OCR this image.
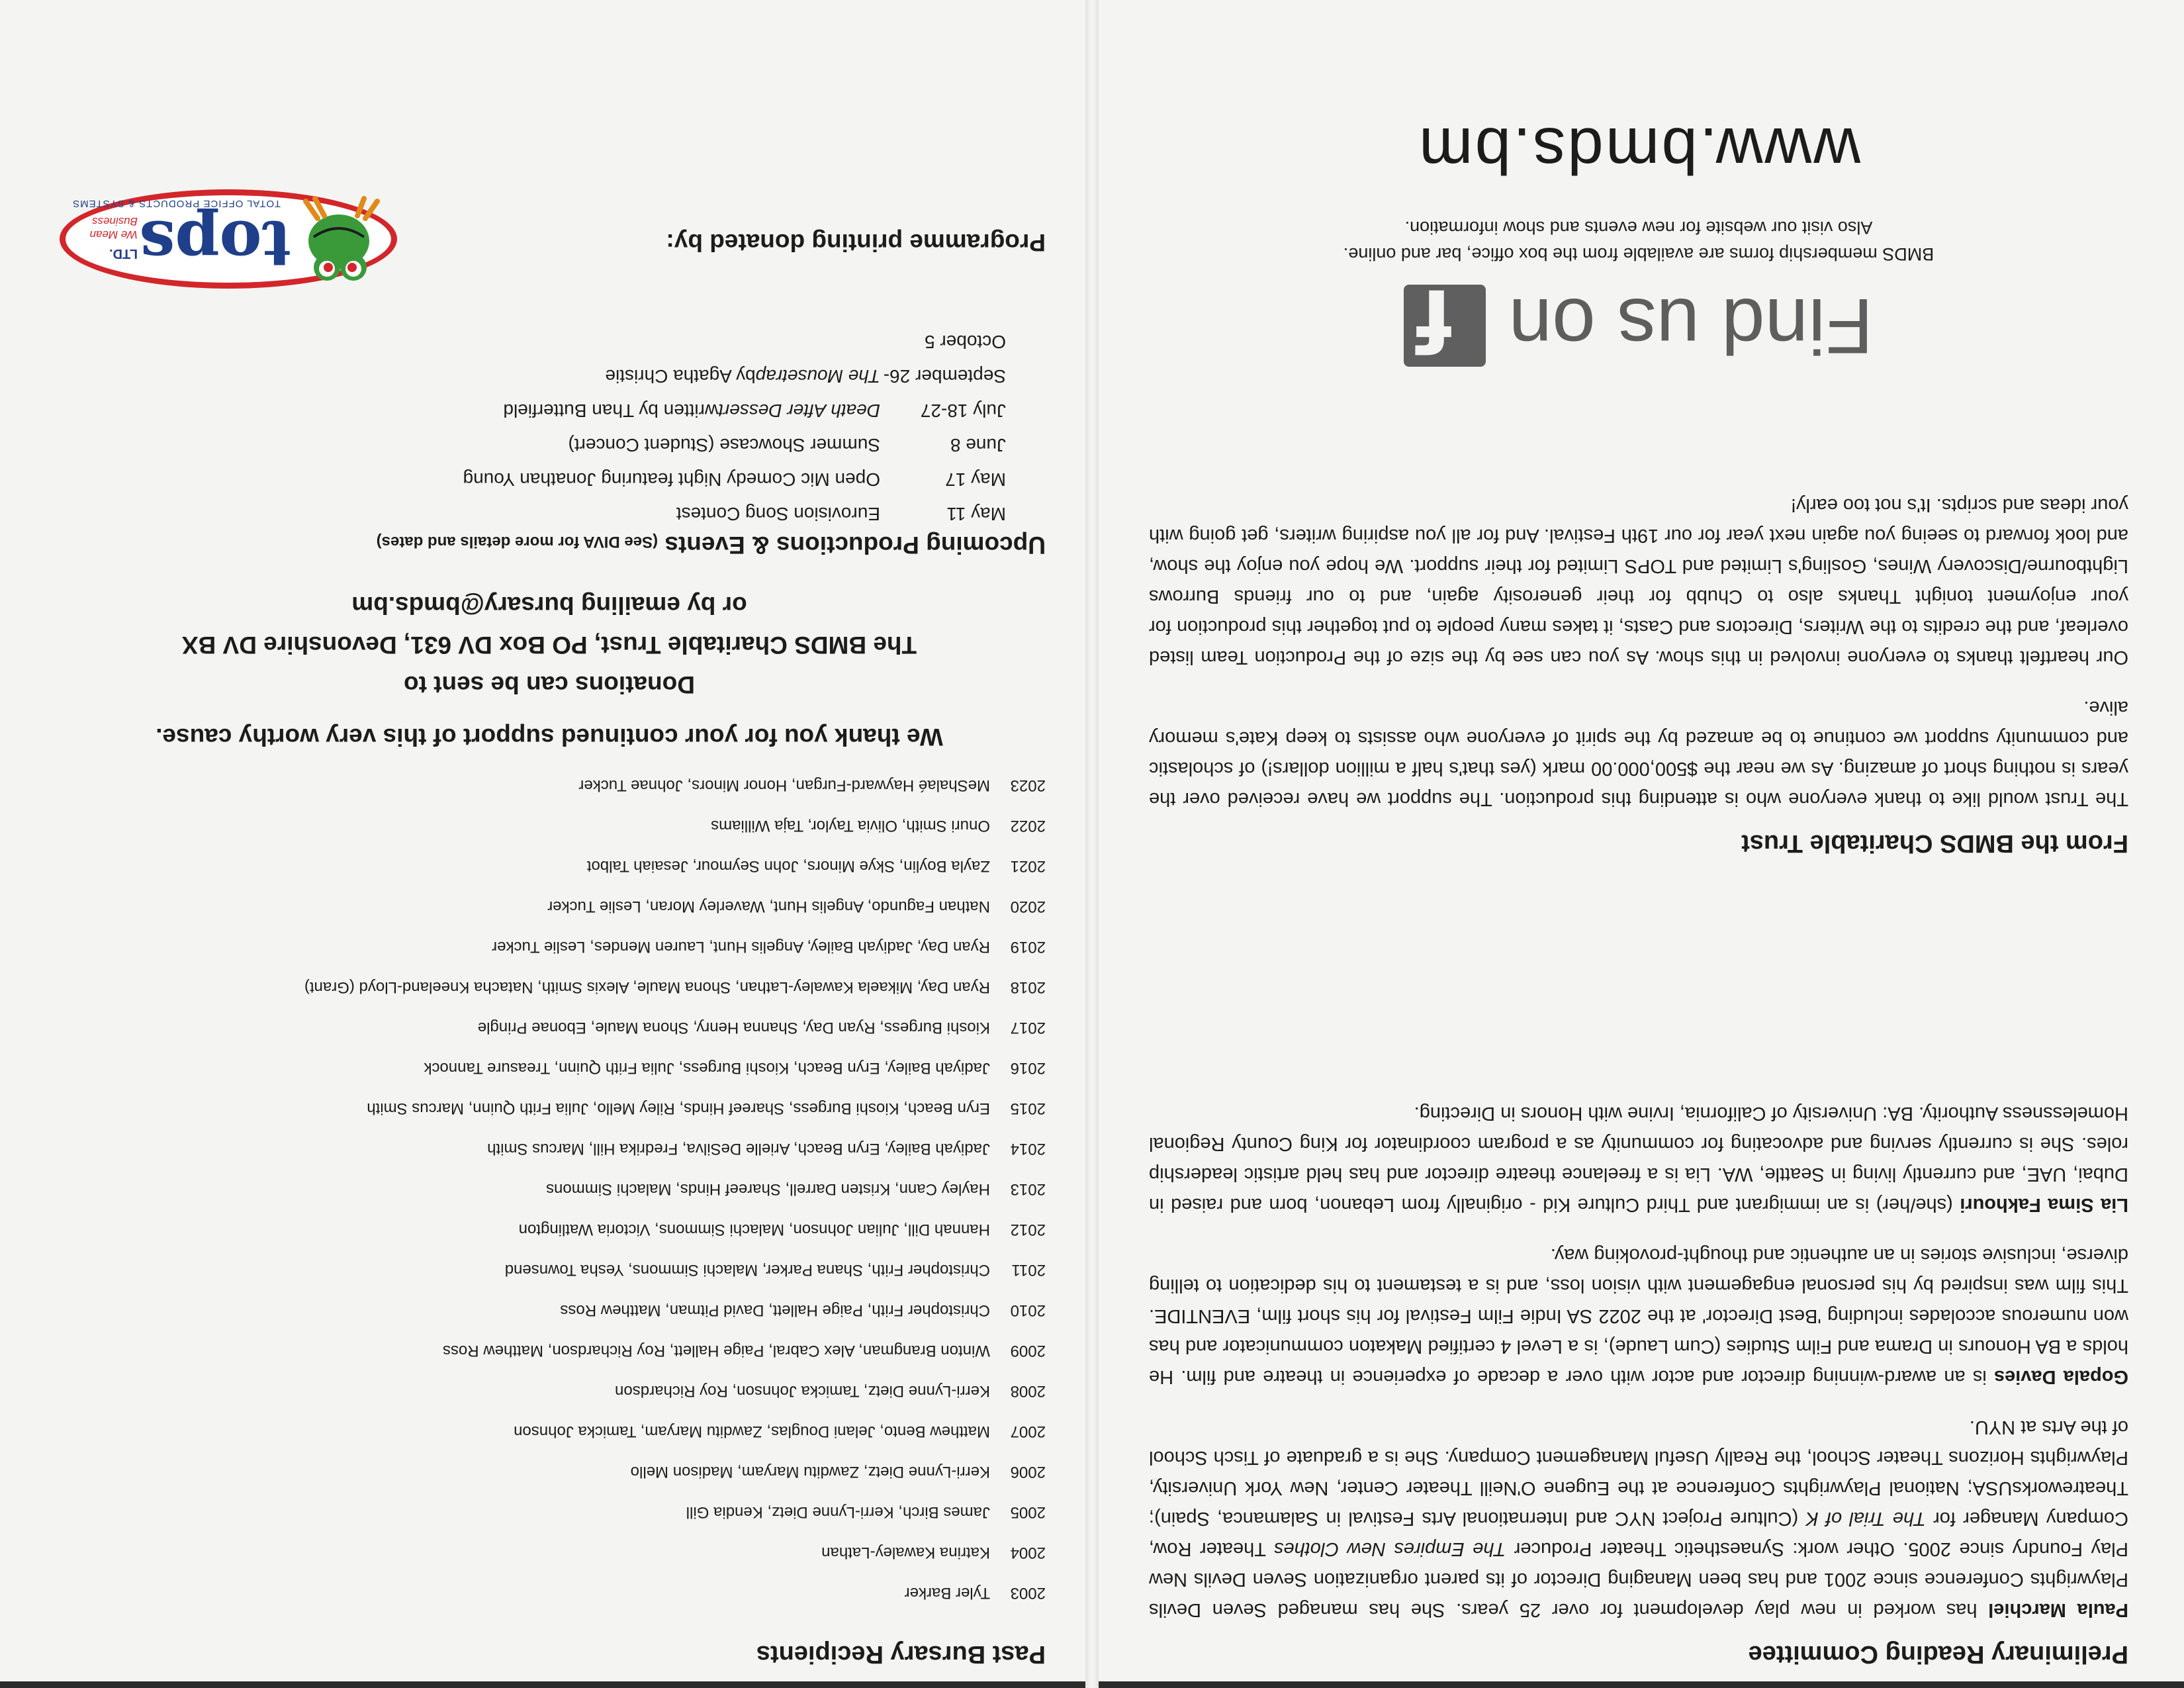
Preliminary Reading Committee

Paula Marchiel has worked in new play development for over 25 years. She has managed Seven Devils Playwrights Conference since 2001 and has been Managing Director of its parent organization Seven Devils New Play Foundry since 2005. Other work: Synaesthetic Theater Producer The Empires New Clothes Theater Row, Company Manager for The Trial of K (Culture Project NYC and International Arts Festival in Salamanca, Spain); TheatreworksUSA; National Playwrights Conference at the Eugene O'Neill Theater Center, New York University, Playwrights Horizons Theater School, the Really Useful Management Company. She is a graduate of Tisch School of the Arts at NYU.

Gopala Davies is an award-winning director and actor with over a decade of experience in theatre and film. He holds a BA Honours in Drama and Film Studies (Cum Laude), is a Level 4 certified Makaton communicator and has won numerous accolades including 'Best Director' at the 2022 SA Indie Film Festival for his short film, EVENTIDE. This film was inspired by his personal engagement with vision loss, and is a testament to his dedication to telling diverse, inclusive stories in an authentic and thought-provoking way.

Lia Sima Fakhouri (she/her) is an immigrant and Third Culture Kid - originally from Lebanon, born and raised in Dubai, UAE, and currently living in Seattle, WA. Lia is a freelance theatre director and has held artistic leadership roles. She is currently serving and advocating for community as a program coordinator for King County Regional Homelessness Authority. BA: University of California, Irvine with Honors in Directing.

From the BMDS Charitable Trust

The Trust would like to thank everyone who is attending this production. The support we have received over the years is nothing short of amazing. As we near the $500,000.00 mark (yes that's half a million dollars!) of scholastic and community support we continue to be amazed by the spirit of everyone who assists to keep Kate's memory alive.

Our heartfelt thanks to everyone involved in this show. As you can see by the size of the Production Team listed overleaf, and the credits to the Writers, Directors and Casts, it takes many people to put together this production for your enjoyment tonight Thanks also to Chubb for their generosity again, and to our friends Burrows Lightbourne/Discovery Wines, Gosling's Limited and TOPS Limited for their support. We hope you enjoy the show, and look forward to seeing you again next year for our 19th Festival. And for all you aspiring writers, get going with your ideas and scripts. It's not too early!

Find us on
f
BMDS membership forms are available from the box office, bar and online.
Also visit our website for new events and show information.
www.bmds.bm
Past Bursary Recipients
2003
Tyler Barker
2004
Katrina Kawaley-Lathan
2005
James Birch, Kerri-Lynne Dietz, Kendia Gill
2006
Kerri-Lynne Dietz, Zawditu Maryam, Madison Mello
2007
Matthew Bento, Jelani Douglas, Zawditu Maryam, Tamicka Johnson
2008
Kerri-Lynne Dietz, Tamicka Johnson, Roy Richardson
2009
Winton Brangman, Alex Cabral, Paige Hallett, Roy Richardson, Matthew Ross
2010
Christopher Frith, Paige Hallett, David Pitman, Matthew Ross
2011
Christopher Frith, Shana Parker, Malachi Simmons, Yesha Townsend
2012
Hannah Dill, Julian Johnson, Malachi Simmons, Victoria Watlington
2013
Hayley Cann, Kristen Darrell, Shareef Hinds, Malachi Simmons
2014
Jadiyah Bailey, Eryn Beach, Arielle DeSilva, Fredrika Hill, Marcus Smith
2015
Eryn Beach, Kioshi Burgess, Shareef Hinds, Riley Mello, Julia Frith Quinn, Marcus Smith
2016
Jadiyah Bailey, Eryn Beach, Kioshi Burgess, Julia Frith Quinn, Treasure Tannock
2017
Kioshi Burgess, Ryan Day, Shanna Henry, Shona Maule, Ebonae Pringle
2018
Ryan Day, Mikaela Kawaley-Lathan, Shona Maule, Alexis Smith, Natacha Kneeland-Lloyd (Grant)
2019
Ryan Day, Jadiyah Bailey, Angelis Hunt, Lauren Mendes, Leslie Tucker
2020
Nathan Fagundo, Angelis Hunt, Waverley Moran, Leslie Tucker
2021
Zayla Boylin, Skye Minors, John Seymour, Jesaiah Talbot
2022
Onuri Smith, Olivia Taylor, Taja Williams
2023
MeShalaé Hayward-Furgan, Honor Minors, Johnae Tucker
We thank you for your continued support of this very worthy cause.
Donations can be sent to
The BMDS Charitable Trust, PO Box DV 631, Devonshire DV BX
or by emailing bursary@bmds.bm
Upcoming Productions & Events (See DIVA for more details and dates)
May 11
Eurovision Song Contest
May 17
Open Mic Comedy Night featuring Jonathan Young
June 8
Summer Showcase (Student Concert)
July 18-27
Death After Dessert
written by Than Butterfield
September 26-October 5
The Mousetrap
by Agatha Christie
Programme printing donated by:
tops
LTD.
We Mean Business
TOTAL OFFICE PRODUCTS & SYSTEMS
